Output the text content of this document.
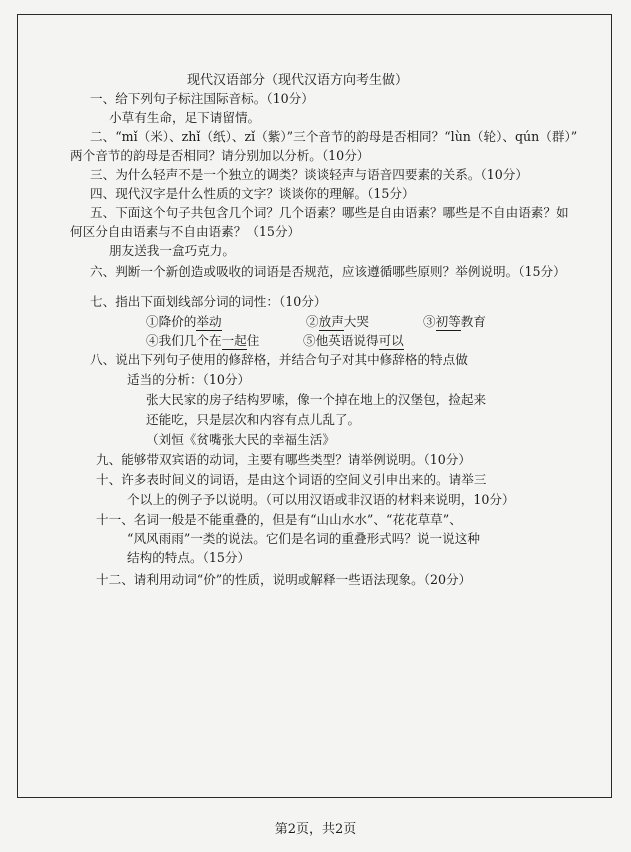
现代汉语部分（现代汉语方向考生做）
一、给下列句子标注国际音标。（10分）
小草有生命，足下请留情。
二、“mǐ（米）、zhǐ（纸）、zǐ（紫）”三个音节的韵母是否相同？“lùn（轮）、qún（群）”
两个音节的韵母是否相同？请分别加以分析。（10分）
三、为什么轻声不是一个独立的调类？谈谈轻声与语音四要素的关系。（10分）
四、现代汉字是什么性质的文字？谈谈你的理解。（15分）
五、下面这个句子共包含几个词？几个语素？哪些是自由语素？哪些是不自由语素？如
何区分自由语素与不自由语素？（15分）
朋友送我一盒巧克力。
六、判断一个新创造或吸收的词语是否规范，应该遵循哪些原则？举例说明。（15分）
七、指出下面划线部分词的词性：（10分）
①降价的举动	②放声大哭	③初等教育
④我们几个在一起住	⑤他英语说得可以
八、说出下列句子使用的修辞格，并结合句子对其中修辞格的特点做
适当的分析：（10分）
张大民家的房子结构罗嗦，像一个掉在地上的汉堡包，捡起来
还能吃，只是层次和内容有点儿乱了。
（刘恒《贫嘴张大民的幸福生活》
九、能够带双宾语的动词，主要有哪些类型？请举例说明。（10分）
十、许多表时间义的词语，是由这个词语的空间义引申出来的。请举三
个以上的例子予以说明。（可以用汉语或非汉语的材料来说明，10分）
十一、名词一般是不能重叠的，但是有“山山水水”、“花花草草”、
“风风雨雨”一类的说法。它们是名词的重叠形式吗？说一说这种
结构的特点。（15分）
十二、请利用动词“价”的性质，说明或解释一些语法现象。（20分）
第2页，共2页
